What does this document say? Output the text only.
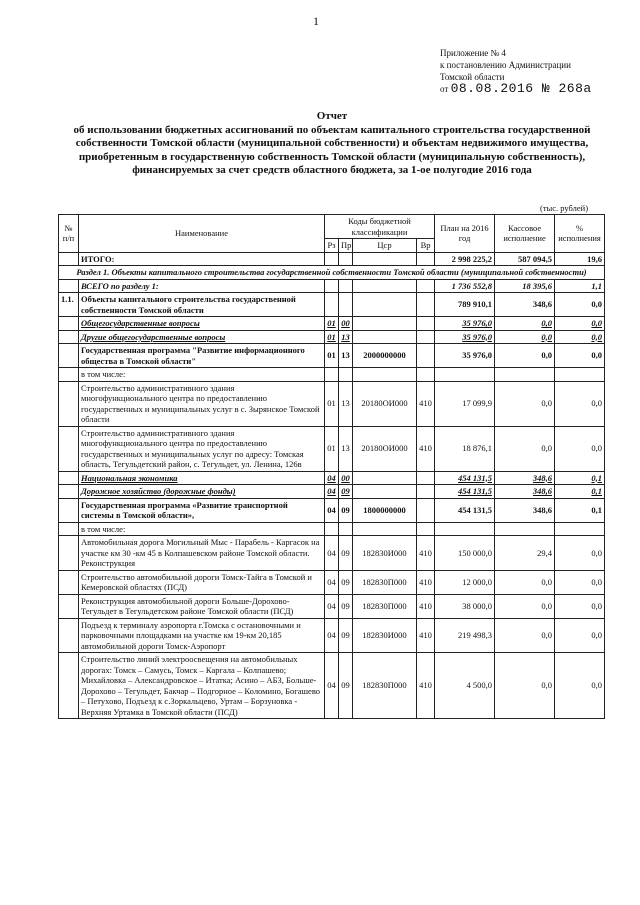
1
Приложение № 4
к постановлению Администрации
Томской области
от 08.08.2016 № 268а
Отчет
об использовании бюджетных ассигнований по объектам капитального строительства государственной собственности Томской области (муниципальной собственности) и объектам недвижимого имущества, приобретенным в государственную собственность Томской области (муниципальную собственность), финансируемых за счет средств областного бюджета, за 1-ое полугодие 2016 года
(тыс. рублей)
№ п/п	Наименование	Коды бюджетной классификации				План на 2016 год	Кассовое исполнение	% исполнения
		Рз	Пр	Цср	Вр			
	ИТОГО:					2 998 225,2	587 094,5	19,6
Раздел 1. Объекты капитального строительства государственной собственности Томской области (муниципальной собственности)								
	ВСЕГО по разделу 1:					1 736 552,8	18 395,6	1,1
1.1.	Объекты капитального строительства государственной собственности Томской области					789 910,1	348,6	0,0
	Общегосударственные вопросы	01	00			35 976,0	0,0	0,0
	Другие общегосударственные вопросы	01	13			35 976,0	0,0	0,0
	Государственная программа "Развитие информационного общества в Томской области"	01	13	2000000000		35 976,0	0,0	0,0
	в том числе:							
	Строительство административного здания многофункционального центра по предоставлению государственных и муниципальных услуг в с. Зырянское Томской области	01	13	20180ОИ000	410	17 099,9	0,0	0,0
	Строительство административного здания многофункционального центра по предоставлению государственных и муниципальных услуг по адресу: Томская область, Тегульдетский район, с. Тегульдет, ул. Ленина, 126в	01	13	20180ОИ000	410	18 876,1	0,0	0,0
	Национальная экономика	04	00			454 131,5	348,6	0,1
	Дорожное хозяйство (дорожные фонды)	04	09			454 131,5	348,6	0,1
	Государственная программа «Развитие транспортной системы в Томской области»,	04	09	1800000000		454 131,5	348,6	0,1
	в том числе:							
	Автомобильная дорога Могильный Мыс - Парабель - Каргасок на участке км 30 -км 45 в Колпашевском районе Томской области. Реконструкция	04	09	182830И000	410	150 000,0	29,4	0,0
	Строительство автомобильной дороги Томск-Тайга в Томской и Кемеровской областях (ПСД)	04	09	182830П000	410	12 000,0	0,0	0,0
	Реконструкция автомобильной дороги Больше-Дорохово-Тегульдет в Тегульдетском районе Томской области (ПСД)	04	09	182830П000	410	38 000,0	0,0	0,0
	Подъезд к терминалу аэропорта г.Томска с остановочными и парковочными площадками на участке км 19-км 20,185 автомобильной дороги Томск-Аэропорт	04	09	182830И000	410	219 498,3	0,0	0,0
	Строительство линий электроосвещения на автомобильных дорогах: Томск – Самусь, Томск – Каргала – Колпашево; Михайловка – Александровское – Итатка; Асино – АБЗ, Больше-Дорохово – Тегульдет, Бакчар – Подгорное – Коломино, Богашево – Петухово, Подъезд к с.Зоркальцево, Уртам – Борзуновка - Верхняя Уртамка в Томской области (ПСД)	04	09	182830П000	410	4 500,0	0,0	0,0
